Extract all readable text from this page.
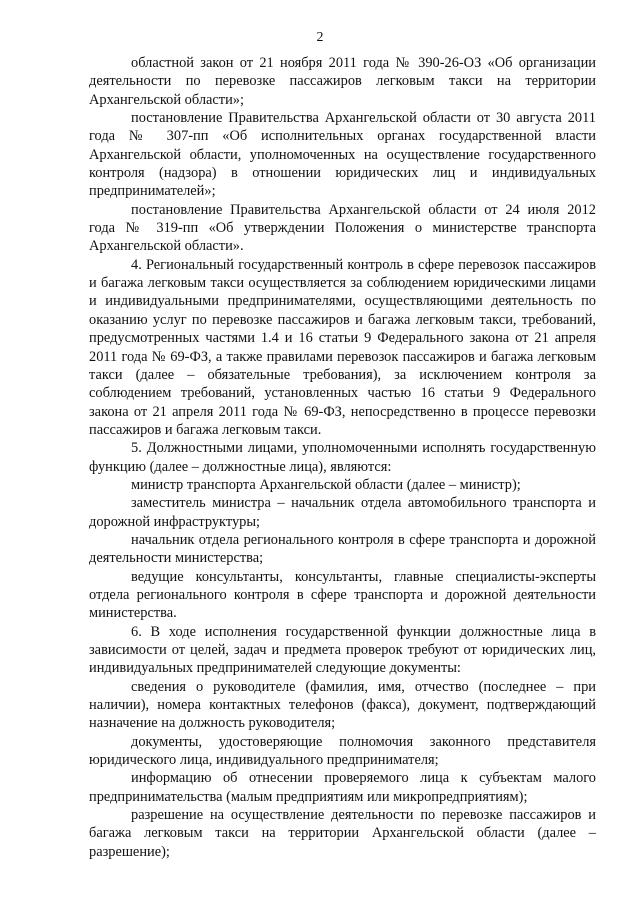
2

областной закон от 21 ноября 2011 года № 390-26-ОЗ «Об организации деятельности по перевозке пассажиров легковым такси на территории Архангельской области»;

постановление Правительства Архангельской области от 30 августа 2011 года № 307-пп «Об исполнительных органах государственной власти Архангельской области, уполномоченных на осуществление государственного контроля (надзора) в отношении юридических лиц и индивидуальных предпринимателей»;

постановление Правительства Архангельской области от 24 июля 2012 года № 319-пп «Об утверждении Положения о министерстве транспорта Архангельской области».

4. Региональный государственный контроль в сфере перевозок пассажиров и багажа легковым такси осуществляется за соблюдением юридическими лицами и индивидуальными предпринимателями, осуществляющими деятельность по оказанию услуг по перевозке пассажиров и багажа легковым такси, требований, предусмотренных частями 1.4 и 16 статьи 9 Федерального закона от 21 апреля 2011 года № 69-ФЗ, а также правилами перевозок пассажиров и багажа легковым такси (далее – обязательные требования), за исключением контроля за соблюдением требований, установленных частью 16 статьи 9 Федерального закона от 21 апреля 2011 года № 69-ФЗ, непосредственно в процессе перевозки пассажиров и багажа легковым такси.

5. Должностными лицами, уполномоченными исполнять государственную функцию (далее – должностные лица), являются:

министр транспорта Архангельской области (далее – министр);

заместитель министра – начальник отдела автомобильного транспорта и дорожной инфраструктуры;

начальник отдела регионального контроля в сфере транспорта и дорожной деятельности министерства;

ведущие консультанты, консультанты, главные специалисты-эксперты отдела регионального контроля в сфере транспорта и дорожной деятельности министерства.

6. В ходе исполнения государственной функции должностные лица в зависимости от целей, задач и предмета проверок требуют от юридических лиц, индивидуальных предпринимателей следующие документы:

сведения о руководителе (фамилия, имя, отчество (последнее – при наличии), номера контактных телефонов (факса), документ, подтверждающий назначение на должность руководителя;

документы, удостоверяющие полномочия законного представителя юридического лица, индивидуального предпринимателя;

информацию об отнесении проверяемого лица к субъектам малого предпринимательства (малым предприятиям или микропредприятиям);

разрешение на осуществление деятельности по перевозке пассажиров и багажа легковым такси на территории Архангельской области (далее – разрешение);
